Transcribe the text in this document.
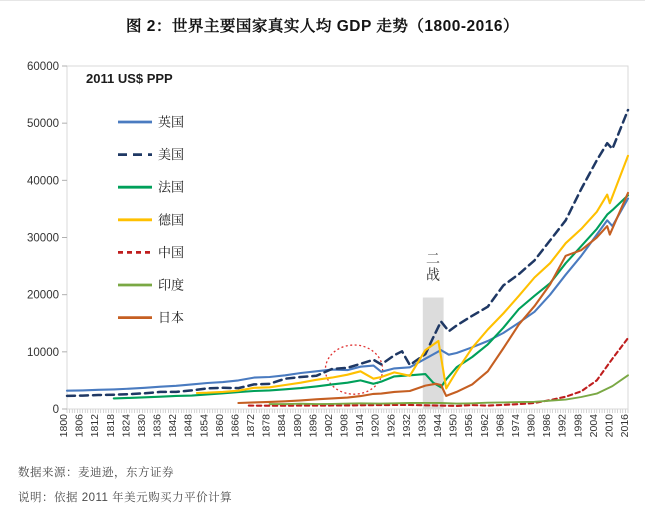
图 2：世界主要国家真实人均 GDP 走势（1800-2016）
0
10000
20000
30000
40000
50000
60000
1800 1806 1812 1818 1824 1830 1836 1842 1848 1854 1860 1866 1872 1878 1884 1890 1896 1902 1908 1914 1920 1926 1932 1938 1944 1950 1956 1962 1968 1974 1980 1986 1992 1998 2004 2010 2016
英国
美国
法国
德国
中国
印度
日本
2011 US$ PPP
二战
数据来源：麦迪逊，东方证券
说明：依据 2011 年美元购买力平价计算
